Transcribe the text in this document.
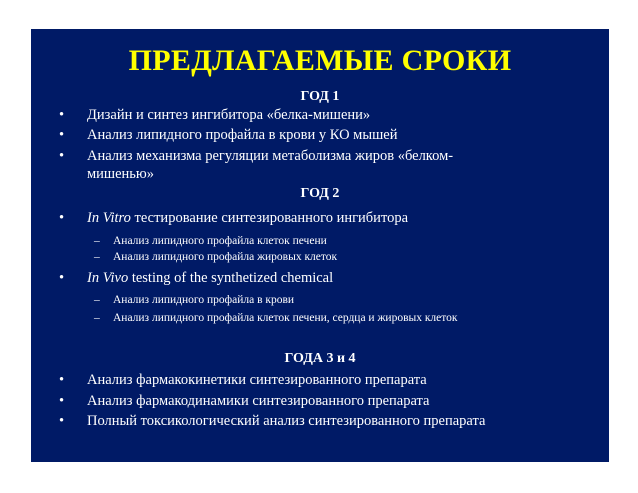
ПРЕДЛАГАЕМЫЕ СРОКИ
ГОД 1
• Дизайн и синтез ингибитора «белка-мишени»
• Анализ липидного профайла в крови у КО мышей
• Анализ механизма регуляции метаболизма жиров «белком-
мишенью»
ГОД 2
• In Vitro тестирование синтезированного ингибитора
– Анализ липидного профайла клеток печени
– Анализ липидного профайла жировых клеток
• In Vivo testing of the synthetized chemical
– Анализ липидного профайла в крови
– Анализ липидного профайла клеток печени, сердца и жировых клеток
ГОДА 3 и 4
• Анализ фармакокинетики синтезированного препарата
• Анализ фармакодинамики синтезированного препарата
• Полный токсикологический анализ синтезированного препарата
